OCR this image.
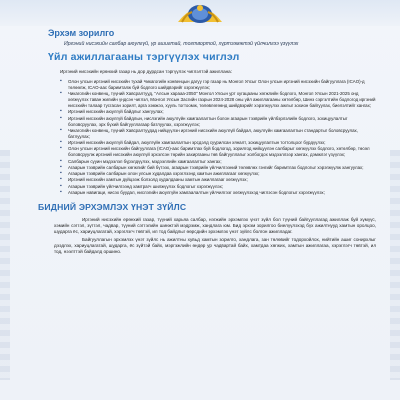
Эрхэм зорилго

Иргэний нисэхийн салбар аюулгүй, үр ашигтай, тогтвортой, хүртээмжтэй үйлчилгээ үзүүлэх

Үйл ажиллагааны тэргүүлэх чиглэл

Иргэний нисэхийн ерөнхий газар нь дор дурдсан тэргүүлэх чиглэлтэй ажиллана:

▪ Олон улсын иргэний нисэхийн тухай Чикагогийн конвенцын дагуу гэр газар нь Монгол Улсыг Олон улсын иргэний нисэхийн байгууллага (ICAO)-д төлөөлж, ICAO-аас баримталж буй бодлого шийдвэрийг хэрэгжүүлэх;
▪ Чикагогийн конвенц, түүний Хавсралтууд, "Алсын харааа-2050" Монгол Улсын урт хугацааны хөгжлийн бодлого, Монгол Улсын 2021-2025 онд хөгжүүлэх таван жилийн үндсэн чиглэл, Монгол Улсын Засгийн газрын 2024-2028 оны үйл ажиллагааны хөтөлбөр, Шинэ сэргэлтийн бодлогод иргэний нисэхийн талаар тусгасан зорилт, арга хэмжээ, хууль тогтоомж, төлөвлөгөөнд шийдвэрийг хэрэгжүүлэх ажлыг зохион байгуулах, биелэлтийг хангах;
▪ Иргэний нисэхийн аюулгүй байдлыг хангуулах;
▪ Иргэний нисэхийн аюулгүй байдлын, нислэгийн аюулгүйн хамгаалалтын болон агаарын тээврийн үйлбэрлэлийн бодлого, зохицуулалтыг боловсруулах, эрх бүхий байгууллагаар батлуулах, хэрэгжүүлэх;
▪ Чикагогийн конвенц, түүний Хавсралтуудад нийцүүлэн иргэний нисэхийн аюулгүй байдал, аюулгүйн хамгаалалтын стандартыг боловсруулах, батлуулах;
▪ Иргэний нисэхийн аюулгүй байдал, аюулгүйн хамгаалалтын эрсдэлд суурилсан хяналт, зохицуулалтын тогтолцоог бүрдүүлэх;
▪ Олон улсын иргэний нисэхийн байгууллага (ICAO)-аас баримтлах буй бодлогод, зорилгод нийцүүлэн салбарыг хөгжүүлэх бодлого, хөтөлбөр, төсөл боловсруулж иргэний нисэхийн аюулгүй эрхэлсэн төрийн захиргааны төв байгууллагыг холбогдох мэдээллээр хангах, дэмжлэг үзүүлэх;
▪ Салбарын сууин мэдээлэл бүрэлдүүлэх, мэдээллийн хамгаалалтыг хангах;
▪ Агаарын тээврийн салбарын хөгжлийг бий бүтээх, агаарын тээврийн үйлчилгээний төлөвлөх гэнгийг баримтлах бодлогыг хэрэгжүүлж хангуулах;
▪ Агаарын тээврийн салбарын олон улсын худалдаа хэрэглээнд хамтын ажиллагааг хөгжүүлэх;
▪ Иргэний нисэхийн хамтын дүйцээж болзолд худалдааны хамтын ажиллагааг хөгжүүлэх;
▪ Агаарын тээврийн үйлчилгээнд хамтрагч шилжүүлэх бодлогыг хэрэгжүүлэх;
▪ Агаарын навигаци, нисэх буудал, нислэгийн аюулгүйн хамгаалалтын үйлчилгээг хөгжүүлэхэд чиглэсэн бодлогыг хэрэгжүүлэх;
БИДНИЙ ЭРХЭМЛЭХ ҮНЭТ ЗҮЙЛС

Иргэний нисэхийн ерөнхий газар, түүний харьяа салбар, нэгжийн эрхэмлэх үнэт зүйл бол түүний байгууллагад ажиллаж буй хүмүүс, хэмийн сэтгэл, зүтгэл, чадвар, түүний сэтгэлийн шинжтэй мэдрэмж, хандлага юм. Бид эрхэм зорилгоо биелүүлэхэд бүх ажилтнууд хамтын оролцоо, шударга ёс, хариуцлагатай, хэрэглэгч төвтэй, ил тод байдлыг өөрсдийн эрхэмлэх үнэт зүйлс болгон ажилладаг.

Байгууллагын эрхэмлэх үнэт зүйлс нь ажилтны хувьд хамтын зорилго, хандлага, зан төлөвийг тодорхойлох, нийтийн ашиг сонирхлыг дээдлэх, хариуцлагатай, шударга, ёс зүйтэй байх, мэргэжлийн өндөр ур чадвартай байх, хамтдаа хөгжих, хамтын ажиллагаа, хэрэглэгч төвтэй, ил тод, нээлттэй байдалд оршино.
